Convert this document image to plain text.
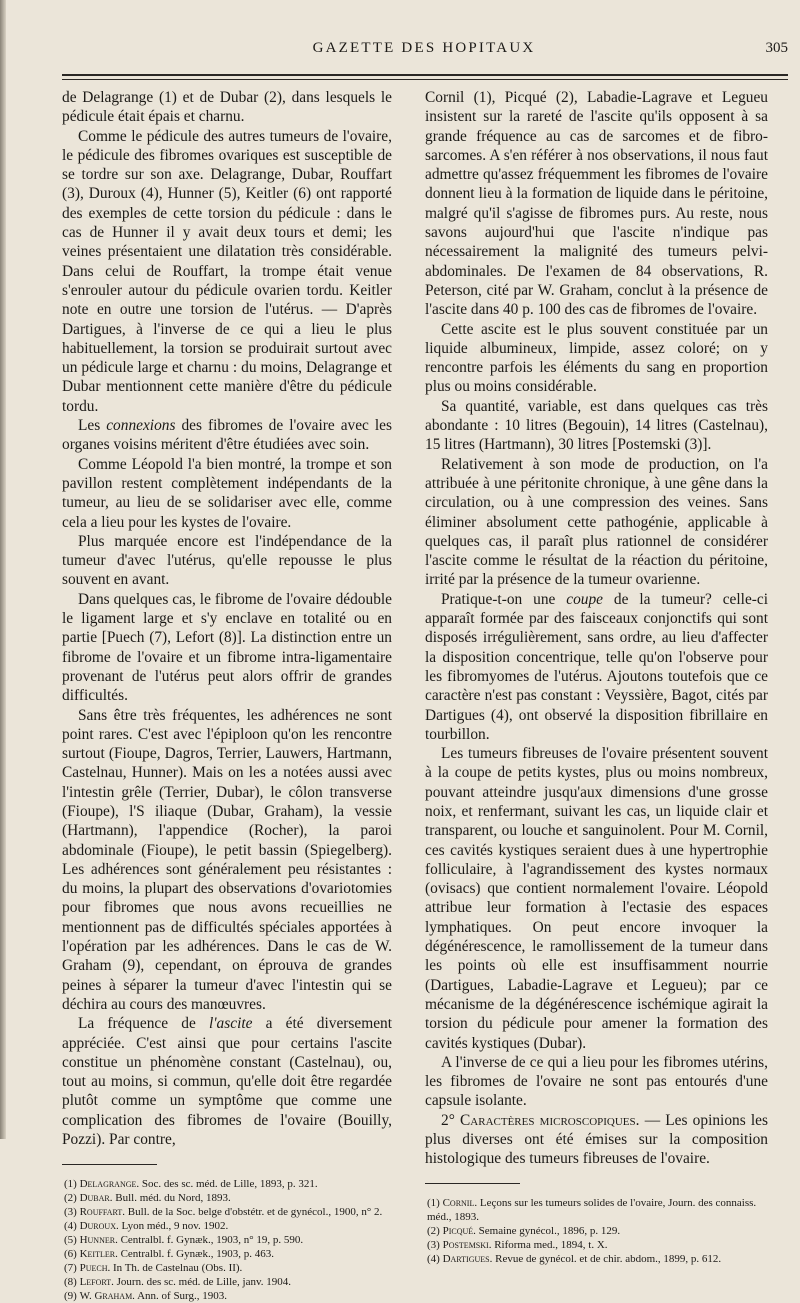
GAZETTE DES HOPITAUX	305

de Delagrange (1) et de Dubar (2), dans lesquels le pédicule était épais et charnu.

Comme le pédicule des autres tumeurs de l'ovaire, le pédicule des fibromes ovariques est susceptible de se tordre sur son axe. Delagrange, Dubar, Rouffart (3), Duroux (4), Hunner (5), Keitler (6) ont rapporté des exemples de cette torsion du pédicule : dans le cas de Hunner il y avait deux tours et demi; les veines présentaient une dilatation très considérable. Dans celui de Rouffart, la trompe était venue s'enrouler autour du pédicule ovarien tordu. Keitler note en outre une torsion de l'utérus. — D'après Dartigues, à l'inverse de ce qui a lieu le plus habituellement, la torsion se produirait surtout avec un pédicule large et charnu : du moins, Delagrange et Dubar mentionnent cette manière d'être du pédicule tordu.

Les connexions des fibromes de l'ovaire avec les organes voisins méritent d'être étudiées avec soin.

Comme Léopold l'a bien montré, la trompe et son pavillon restent complètement indépendants de la tumeur, au lieu de se solidariser avec elle, comme cela a lieu pour les kystes de l'ovaire.

Plus marquée encore est l'indépendance de la tumeur d'avec l'utérus, qu'elle repousse le plus souvent en avant.

Dans quelques cas, le fibrome de l'ovaire dédouble le ligament large et s'y enclave en totalité ou en partie [Puech (7), Lefort (8)]. La distinction entre un fibrome de l'ovaire et un fibrome intra-ligamentaire provenant de l'utérus peut alors offrir de grandes difficultés.

Sans être très fréquentes, les adhérences ne sont point rares. C'est avec l'épiploon qu'on les rencontre surtout (Fioupe, Dagros, Terrier, Lauwers, Hartmann, Castelnau, Hunner). Mais on les a notées aussi avec l'intestin grêle (Terrier, Dubar), le côlon transverse (Fioupe), l'S iliaque (Dubar, Graham), la vessie (Hartmann), l'appendice (Rocher), la paroi abdominale (Fioupe), le petit bassin (Spiegelberg). Les adhérences sont généralement peu résistantes : du moins, la plupart des observations d'ovariotomies pour fibromes que nous avons recueillies ne mentionnent pas de difficultés spéciales apportées à l'opération par les adhérences. Dans le cas de W. Graham (9), cependant, on éprouva de grandes peines à séparer la tumeur d'avec l'intestin qui se déchira au cours des manœuvres.

La fréquence de l'ascite a été diversement appréciée. C'est ainsi que pour certains l'ascite constitue un phénomène constant (Castelnau), ou, tout au moins, si commun, qu'elle doit être regardée plutôt comme un symptôme que comme une complication des fibromes de l'ovaire (Bouilly, Pozzi). Par contre,

(1) Delagrange. Soc. des sc. méd. de Lille, 1893, p. 321.

(2) Dubar. Bull. méd. du Nord, 1893.

(3) Rouffart. Bull. de la Soc. belge d'obstétr. et de gynécol., 1900, n° 2.

(4) Duroux. Lyon méd., 9 nov. 1902.

(5) Hunner. Centralbl. f. Gynæk., 1903, n° 19, p. 590.

(6) Keitler. Centralbl. f. Gynæk., 1903, p. 463.

(7) Puech. In Th. de Castelnau (Obs. II).

(8) Lefort. Journ. des sc. méd. de Lille, janv. 1904.

(9) W. Graham. Ann. of Surg., 1903.

Cornil (1), Picqué (2), Labadie-Lagrave et Legueu insistent sur la rareté de l'ascite qu'ils opposent à sa grande fréquence au cas de sarcomes et de fibro-sarcomes. A s'en référer à nos observations, il nous faut admettre qu'assez fréquemment les fibromes de l'ovaire donnent lieu à la formation de liquide dans le péritoine, malgré qu'il s'agisse de fibromes purs. Au reste, nous savons aujourd'hui que l'ascite n'indique pas nécessairement la malignité des tumeurs pelvi-abdominales. De l'examen de 84 observations, R. Peterson, cité par W. Graham, conclut à la présence de l'ascite dans 40 p. 100 des cas de fibromes de l'ovaire.

Cette ascite est le plus souvent constituée par un liquide albumineux, limpide, assez coloré; on y rencontre parfois les éléments du sang en proportion plus ou moins considérable.

Sa quantité, variable, est dans quelques cas très abondante : 10 litres (Begouin), 14 litres (Castelnau), 15 litres (Hartmann), 30 litres [Postemski (3)].

Relativement à son mode de production, on l'a attribuée à une péritonite chronique, à une gêne dans la circulation, ou à une compression des veines. Sans éliminer absolument cette pathogénie, applicable à quelques cas, il paraît plus rationnel de considérer l'ascite comme le résultat de la réaction du péritoine, irrité par la présence de la tumeur ovarienne.

Pratique-t-on une coupe de la tumeur? celle-ci apparaît formée par des faisceaux conjonctifs qui sont disposés irrégulièrement, sans ordre, au lieu d'affecter la disposition concentrique, telle qu'on l'observe pour les fibromyomes de l'utérus. Ajoutons toutefois que ce caractère n'est pas constant : Veyssière, Bagot, cités par Dartigues (4), ont observé la disposition fibrillaire en tourbillon.

Les tumeurs fibreuses de l'ovaire présentent souvent à la coupe de petits kystes, plus ou moins nombreux, pouvant atteindre jusqu'aux dimensions d'une grosse noix, et renfermant, suivant les cas, un liquide clair et transparent, ou louche et sanguinolent. Pour M. Cornil, ces cavités kystiques seraient dues à une hypertrophie folliculaire, à l'agrandissement des kystes normaux (ovisacs) que contient normalement l'ovaire. Léopold attribue leur formation à l'ectasie des espaces lymphatiques. On peut encore invoquer la dégénérescence, le ramollissement de la tumeur dans les points où elle est insuffisamment nourrie (Dartigues, Labadie-Lagrave et Legueu); par ce mécanisme de la dégénérescence ischémique agirait la torsion du pédicule pour amener la formation des cavités kystiques (Dubar).

A l'inverse de ce qui a lieu pour les fibromes utérins, les fibromes de l'ovaire ne sont pas entourés d'une capsule isolante.

2° Caractères microscopiques. — Les opinions les plus diverses ont été émises sur la composition histologique des tumeurs fibreuses de l'ovaire.

(1) Cornil. Leçons sur les tumeurs solides de l'ovaire, Journ. des connaiss. méd., 1893.

(2) Picqué. Semaine gynécol., 1896, p. 129.

(3) Postemski. Riforma med., 1894, t. X.

(4) Dartigues. Revue de gynécol. et de chir. abdom., 1899, p. 612.
